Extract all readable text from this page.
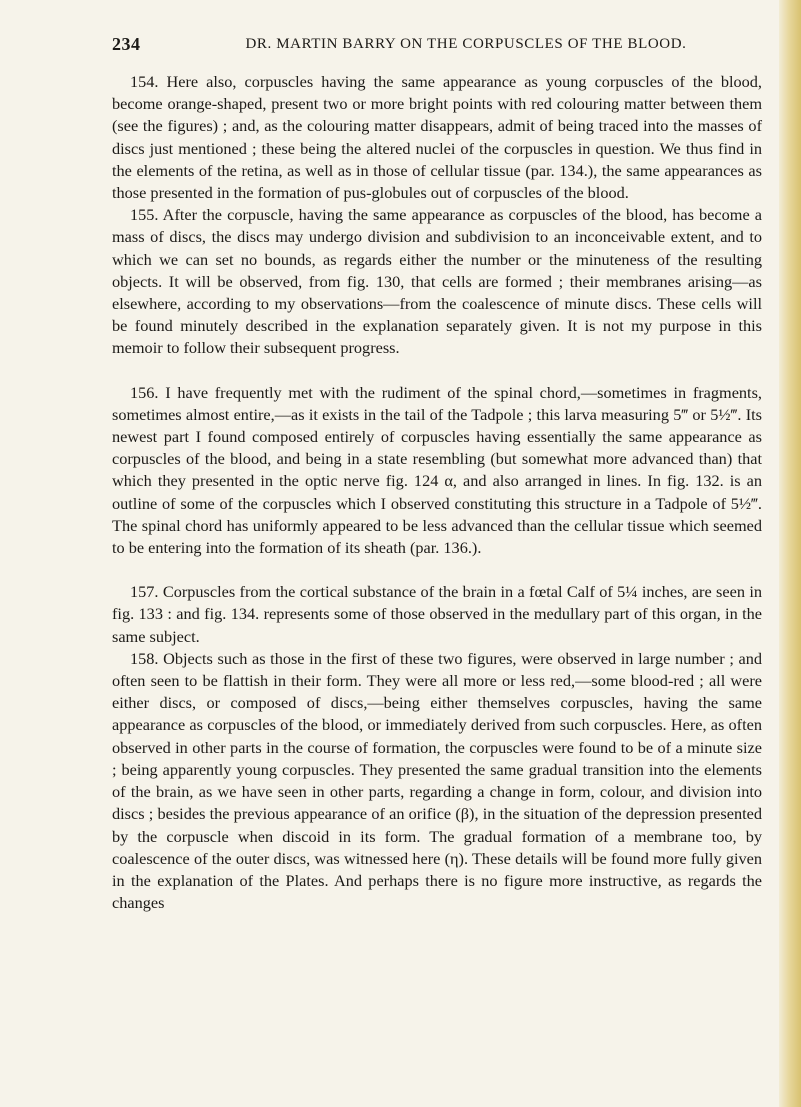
234	DR. MARTIN BARRY ON THE CORPUSCLES OF THE BLOOD.

154. Here also, corpuscles having the same appearance as young corpuscles of the blood, become orange-shaped, present two or more bright points with red colouring matter between them (see the figures) ; and, as the colouring matter disappears, admit of being traced into the masses of discs just mentioned ; these being the altered nuclei of the corpuscles in question. We thus find in the elements of the retina, as well as in those of cellular tissue (par. 134.), the same appearances as those presented in the formation of pus-globules out of corpuscles of the blood.

155. After the corpuscle, having the same appearance as corpuscles of the blood, has become a mass of discs, the discs may undergo division and subdivision to an inconceivable extent, and to which we can set no bounds, as regards either the number or the minuteness of the resulting objects. It will be observed, from fig. 130, that cells are formed ; their membranes arising—as elsewhere, according to my observations—from the coalescence of minute discs. These cells will be found minutely described in the explanation separately given. It is not my purpose in this memoir to follow their subsequent progress.

156. I have frequently met with the rudiment of the spinal chord,—sometimes in fragments, sometimes almost entire,—as it exists in the tail of the Tadpole ; this larva measuring 5‴ or 5½‴. Its newest part I found composed entirely of corpuscles having essentially the same appearance as corpuscles of the blood, and being in a state resembling (but somewhat more advanced than) that which they presented in the optic nerve fig. 124 α, and also arranged in lines. In fig. 132. is an outline of some of the corpuscles which I observed constituting this structure in a Tadpole of 5½‴. The spinal chord has uniformly appeared to be less advanced than the cellular tissue which seemed to be entering into the formation of its sheath (par. 136.).

157. Corpuscles from the cortical substance of the brain in a fœtal Calf of 5¼ inches, are seen in fig. 133 : and fig. 134. represents some of those observed in the medullary part of this organ, in the same subject.

158. Objects such as those in the first of these two figures, were observed in large number ; and often seen to be flattish in their form. They were all more or less red,—some blood-red ; all were either discs, or composed of discs,—being either themselves corpuscles, having the same appearance as corpuscles of the blood, or immediately derived from such corpuscles. Here, as often observed in other parts in the course of formation, the corpuscles were found to be of a minute size ; being apparently young corpuscles. They presented the same gradual transition into the elements of the brain, as we have seen in other parts, regarding a change in form, colour, and division into discs ; besides the previous appearance of an orifice (β), in the situation of the depression presented by the corpuscle when discoid in its form. The gradual formation of a membrane too, by coalescence of the outer discs, was witnessed here (η). These details will be found more fully given in the explanation of the Plates. And perhaps there is no figure more instructive, as regards the changes
